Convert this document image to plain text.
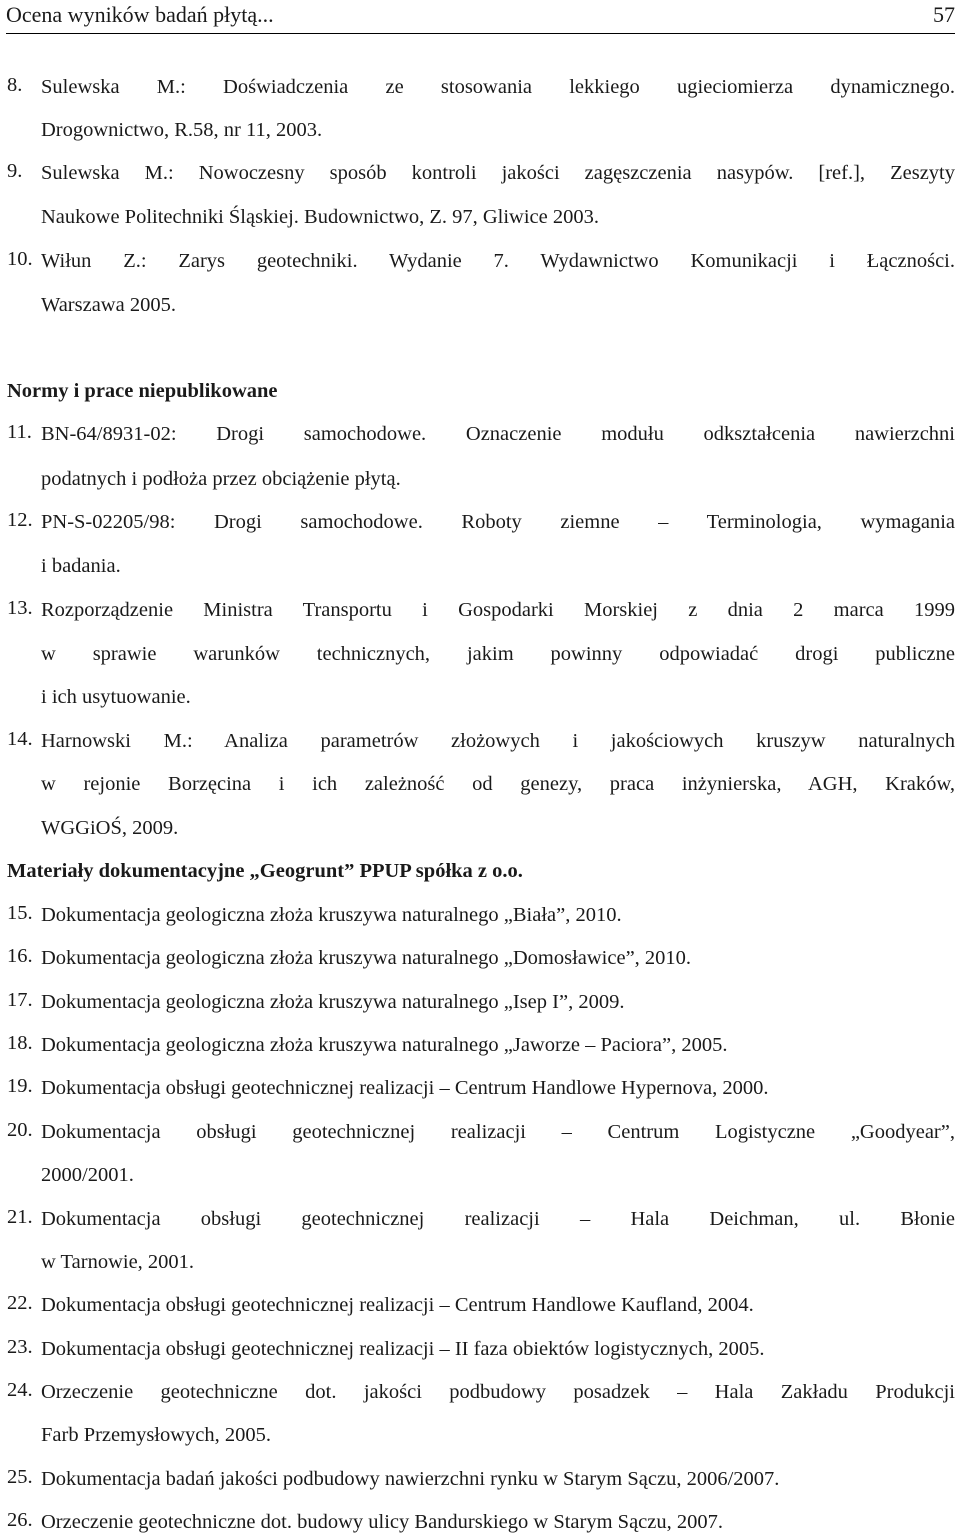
Ocena wyników badań płytą...	57
8. Sulewska M.: Doświadczenia ze stosowania lekkiego ugieciomierza dynamicznego.
Drogownictwo, R.58, nr 11, 2003.
9. Sulewska M.: Nowoczesny sposób kontroli jakości zagęszczenia nasypów. [ref.], Zeszyty
Naukowe Politechniki Śląskiej. Budownictwo, Z. 97, Gliwice 2003.
10. Wiłun Z.: Zarys geotechniki. Wydanie 7. Wydawnictwo Komunikacji i Łączności.
Warszawa 2005.
Normy i prace niepublikowane
11. BN-64/8931-02: Drogi samochodowe. Oznaczenie modułu odkształcenia nawierzchni
podatnych i podłoża przez obciążenie płytą.
12. PN-S-02205/98: Drogi samochodowe. Roboty ziemne – Terminologia, wymagania
i badania.
13. Rozporządzenie Ministra Transportu i Gospodarki Morskiej z dnia 2 marca 1999
w sprawie warunków technicznych, jakim powinny odpowiadać drogi publiczne
i ich usytuowanie.
14. Harnowski M.: Analiza parametrów złożowych i jakościowych kruszyw naturalnych
w rejonie Borzęcina i ich zależność od genezy, praca inżynierska, AGH, Kraków,
WGGiOŚ, 2009.
Materiały dokumentacyjne „Geogrunt” PPUP spółka z o.o.
15. Dokumentacja geologiczna złoża kruszywa naturalnego „Biała”, 2010.
16. Dokumentacja geologiczna złoża kruszywa naturalnego „Domosławice”, 2010.
17. Dokumentacja geologiczna złoża kruszywa naturalnego „Isep I”, 2009.
18. Dokumentacja geologiczna złoża kruszywa naturalnego „Jaworze – Paciora”, 2005.
19. Dokumentacja obsługi geotechnicznej realizacji – Centrum Handlowe Hypernova, 2000.
20. Dokumentacja obsługi geotechnicznej realizacji – Centrum Logistyczne „Goodyear”,
2000/2001.
21. Dokumentacja obsługi geotechnicznej realizacji – Hala Deichman, ul. Błonie
w Tarnowie, 2001.
22. Dokumentacja obsługi geotechnicznej realizacji – Centrum Handlowe Kaufland, 2004.
23. Dokumentacja obsługi geotechnicznej realizacji – II faza obiektów logistycznych, 2005.
24. Orzeczenie geotechniczne dot. jakości podbudowy posadzek – Hala Zakładu Produkcji
Farb Przemysłowych, 2005.
25. Dokumentacja badań jakości podbudowy nawierzchni rynku w Starym Sączu, 2006/2007.
26. Orzeczenie geotechniczne dot. budowy ulicy Bandurskiego w Starym Sączu, 2007.
